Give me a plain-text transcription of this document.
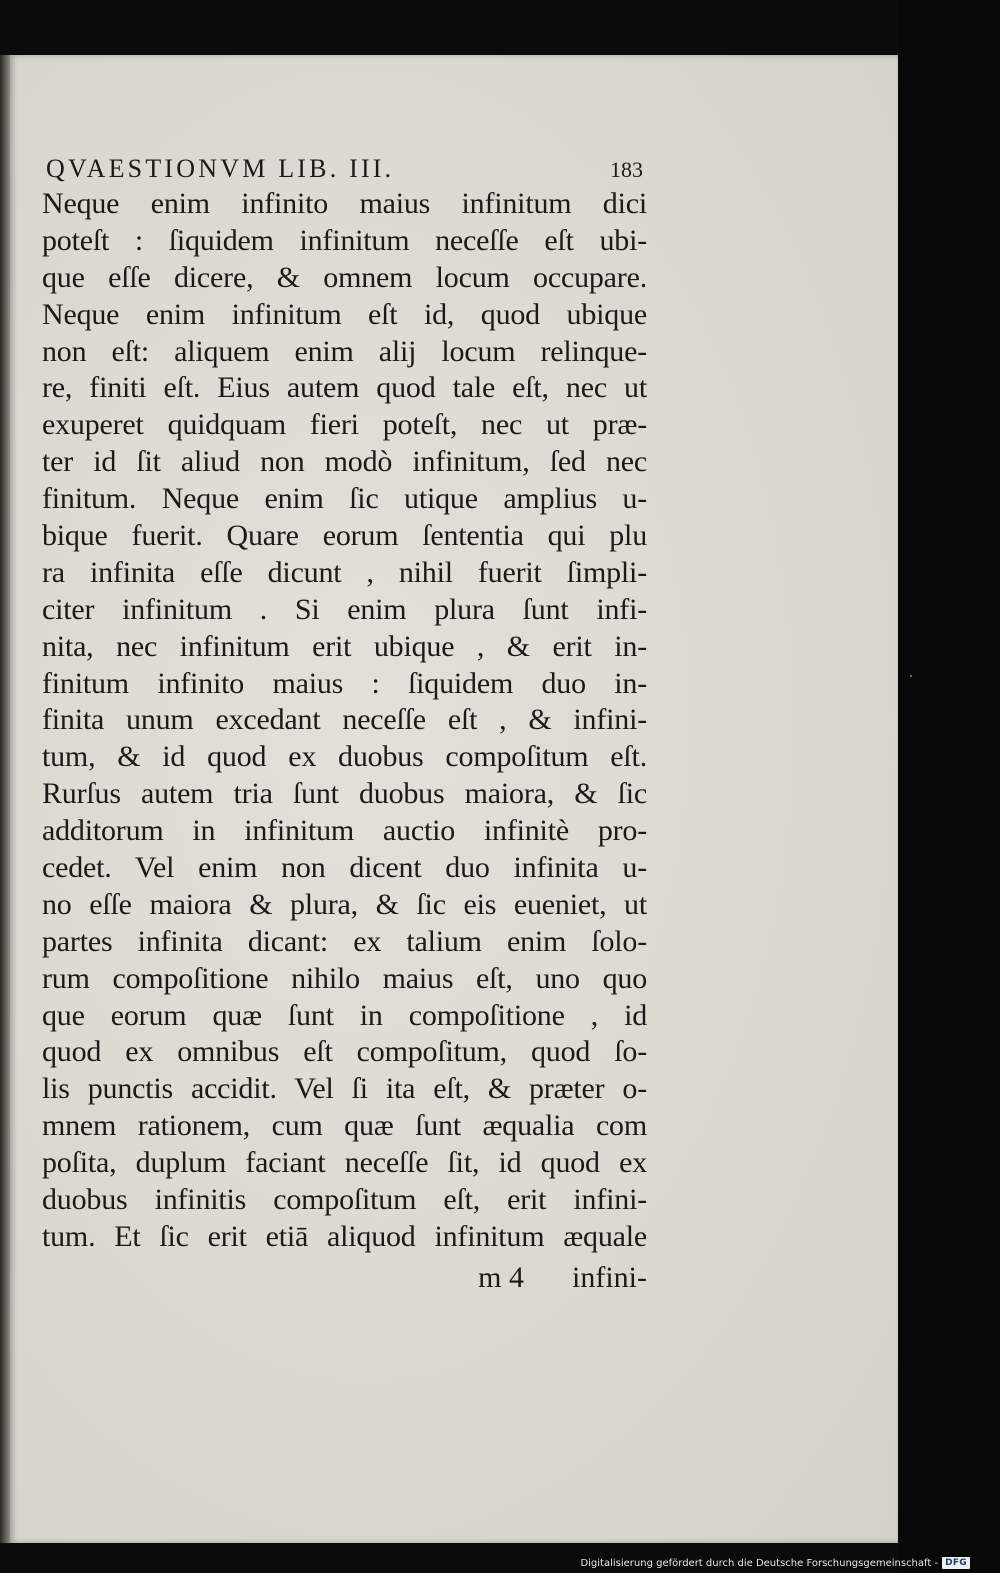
QVAESTIONVM LIB. III.	183
Neque enim infinito maius infinitum dici
poteſt : ſiquidem infinitum neceſſe eſt ubi-
que eſſe dicere, & omnem locum occupare.
Neque enim infinitum eſt id, quod ubique
non eſt: aliquem enim alij locum relinque-
re, finiti eſt. Eius autem quod tale eſt, nec ut
exuperet quidquam fieri poteſt, nec ut præ-
ter id ſit aliud non modò infinitum, ſed nec
finitum. Neque enim ſic utique amplius u-
bique fuerit. Quare eorum ſententia qui plu
ra infinita eſſe dicunt , nihil fuerit ſimpli-
citer infinitum . Si enim plura ſunt infi-
nita, nec infinitum erit ubique , & erit in-
finitum infinito maius : ſiquidem duo in-
finita unum excedant neceſſe eſt , & infini-
tum, & id quod ex duobus compoſitum eſt.
Rurſus autem tria ſunt duobus maiora, & ſic
additorum in infinitum auctio infinitè pro-
cedet. Vel enim non dicent duo infinita u-
no eſſe maiora & plura, & ſic eis eueniet, ut
partes infinita dicant: ex talium enim ſolo-
rum compoſitione nihilo maius eſt, uno quo
que eorum quæ ſunt in compoſitione , id
quod ex omnibus eſt compoſitum, quod ſo-
lis punctis accidit. Vel ſi ita eſt, & præter o-
mnem rationem, cum quæ ſunt æqualia com
poſita, duplum faciant neceſſe ſit, id quod ex
duobus infinitis compoſitum eſt, erit infini-
tum. Et ſic erit etiā aliquod infinitum æquale
m 4 infini-
Digitalisierung gefördert durch die Deutsche Forschungsgemeinschaft - DFG
